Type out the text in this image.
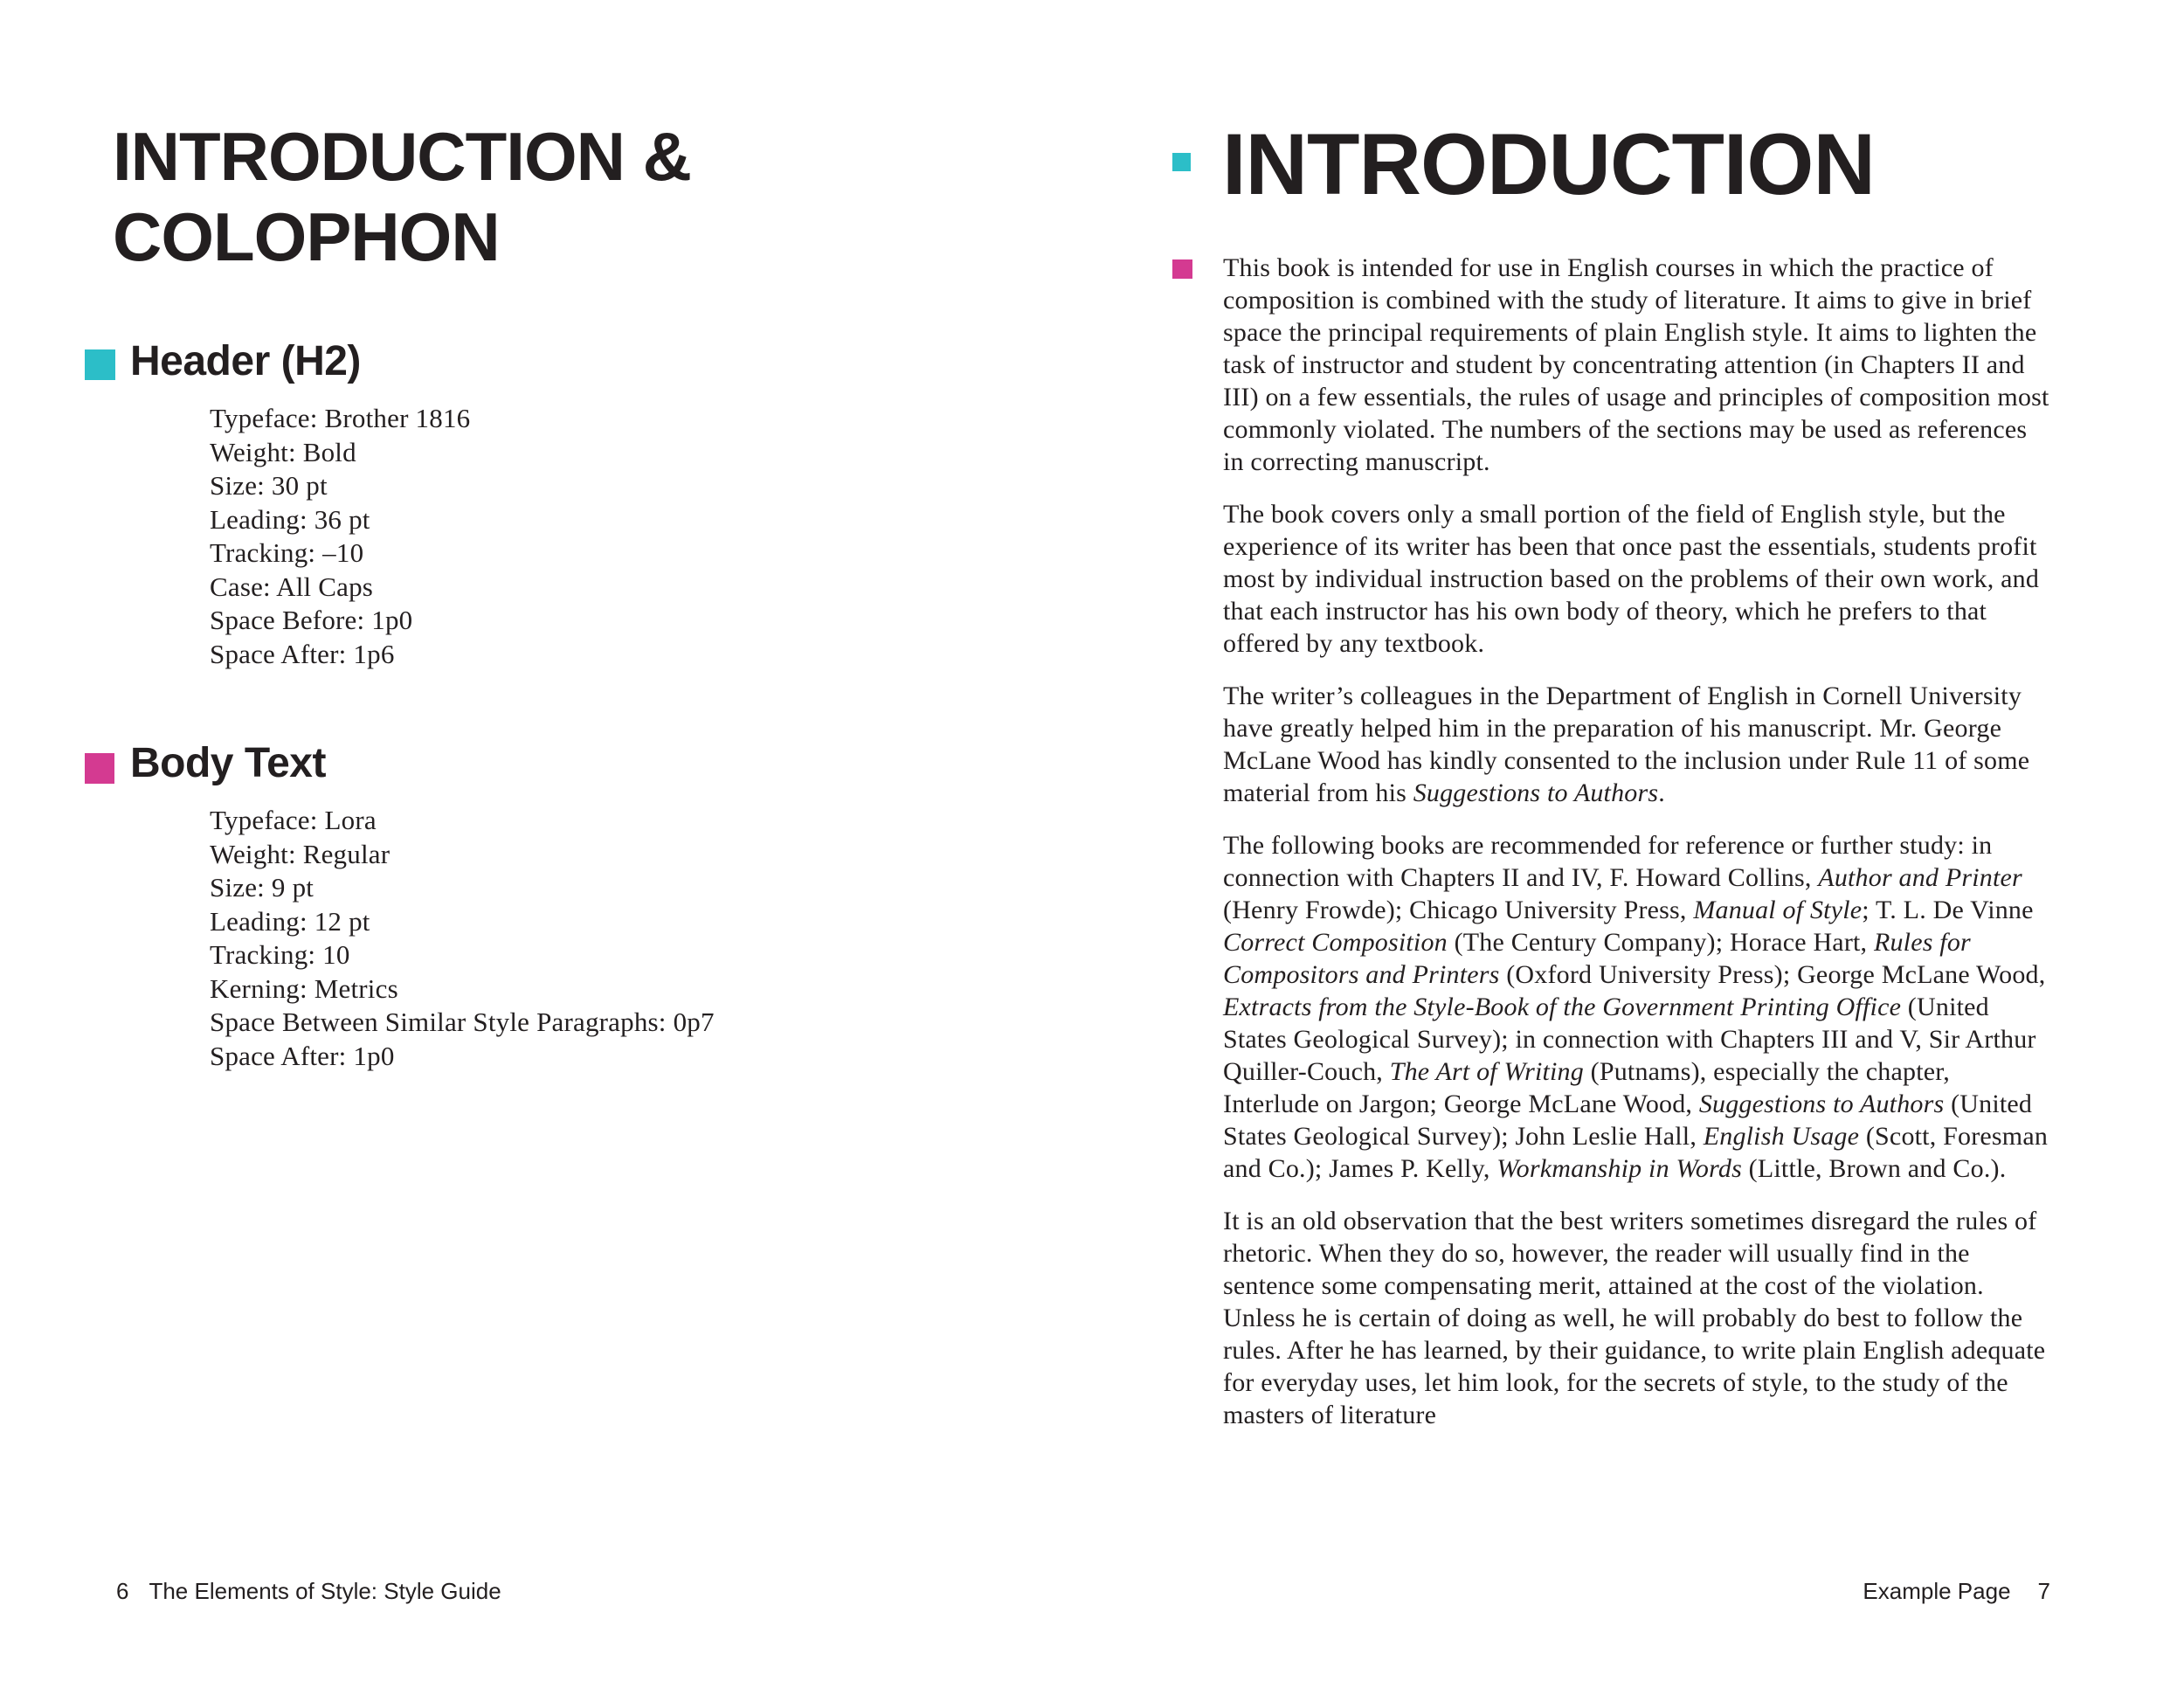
INTRODUCTION &
COLOPHON
Header (H2)
Typeface: Brother 1816
Weight: Bold
Size: 30 pt
Leading: 36 pt
Tracking: –10
Case: All Caps
Space Before: 1p0
Space After: 1p6
Body Text
Typeface: Lora
Weight: Regular
Size: 9 pt
Leading: 12 pt
Tracking: 10
Kerning: Metrics
Space Between Similar Style Paragraphs: 0p7
Space After: 1p0
6 The Elements of Style: Style Guide
INTRODUCTION

This book is intended for use in English courses in which the practice of composition is combined with the study of literature. It aims to give in brief space the principal requirements of plain English style. It aims to lighten the task of instructor and student by concentrating attention (in Chapters II and III) on a few essentials, the rules of usage and principles of composition most commonly violated. The numbers of the sections may be used as references in correcting manuscript.

The book covers only a small portion of the field of English style, but the experience of its writer has been that once past the essentials, students profit most by individual instruction based on the problems of their own work, and that each instructor has his own body of theory, which he prefers to that offered by any textbook.

The writer’s colleagues in the Department of English in Cornell University have greatly helped him in the preparation of his manuscript. Mr. George McLane Wood has kindly consented to the inclusion under Rule 11 of some material from his Suggestions to Authors.

The following books are recommended for reference or further study: in connection with Chapters II and IV, F. Howard Collins, Author and Printer (Henry Frowde); Chicago University Press, Manual of Style; T. L. De Vinne Correct Composition (The Century Company); Horace Hart, Rules for Compositors and Printers (Oxford University Press); George McLane Wood, Extracts from the Style-Book of the Government Printing Office (United States Geological Survey); in connection with Chapters III and V, Sir Arthur Quiller-Couch, The Art of Writing (Putnams), especially the chapter, Interlude on Jargon; George McLane Wood, Suggestions to Authors (United States Geological Survey); John Leslie Hall, English Usage (Scott, Foresman and Co.); James P. Kelly, Workmanship in Words (Little, Brown and Co.).

It is an old observation that the best writers sometimes disregard the rules of rhetoric. When they do so, however, the reader will usually find in the sentence some compensating merit, attained at the cost of the violation. Unless he is certain of doing as well, he will probably do best to follow the rules. After he has learned, by their guidance, to write plain English adequate for everyday uses, let him look, for the secrets of style, to the study of the masters of literature

Example Page 7
